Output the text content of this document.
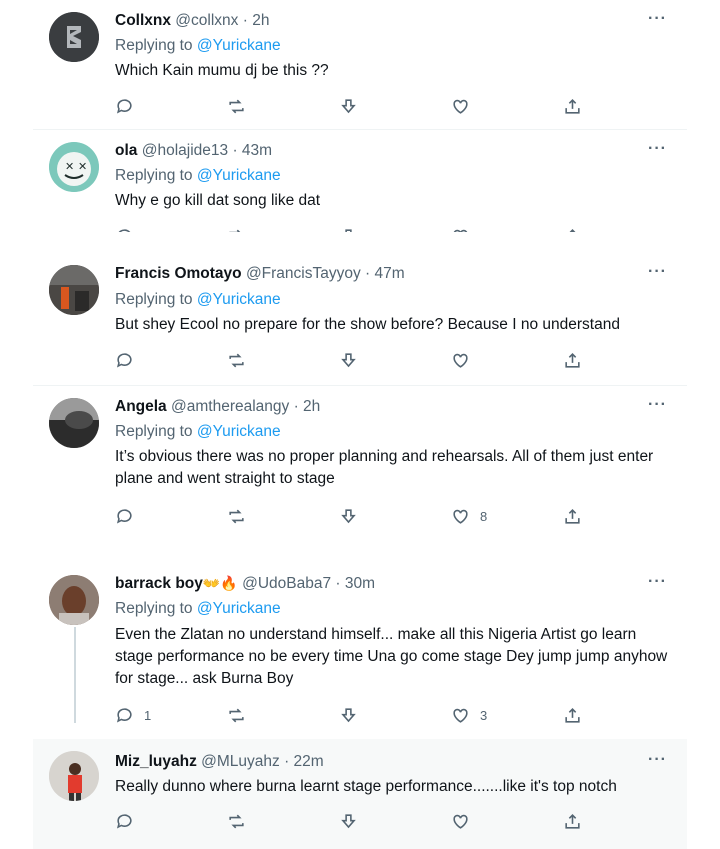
Collxnx @collxnx · 2h	···
Replying to @Yurickane
Which Kain mumu dj be this ??
✕ ✕
ola @holajide13 · 43m	···
Replying to @Yurickane
Why e go kill dat song like dat
Francis Omotayo @FrancisTayyoy · 47m	···
Replying to @Yurickane
But shey Ecool no prepare for the show before? Because I no understand
Angela @amtherealangy · 2h	···
Replying to @Yurickane
It’s obvious there was no proper planning and rehearsals. All of them just enter plane and went straight to stage
8
barrack boy👐🔥 @UdoBaba7 · 30m	···
Replying to @Yurickane
Even the Zlatan no understand himself... make all this Nigeria Artist go learn stage performance no be every time Una go come stage Dey jump jump anyhow for stage... ask Burna Boy
1	3
Miz_luyahz @MLuyahz · 22m	···
Really dunno where burna learnt stage performance.......like it's top notch
